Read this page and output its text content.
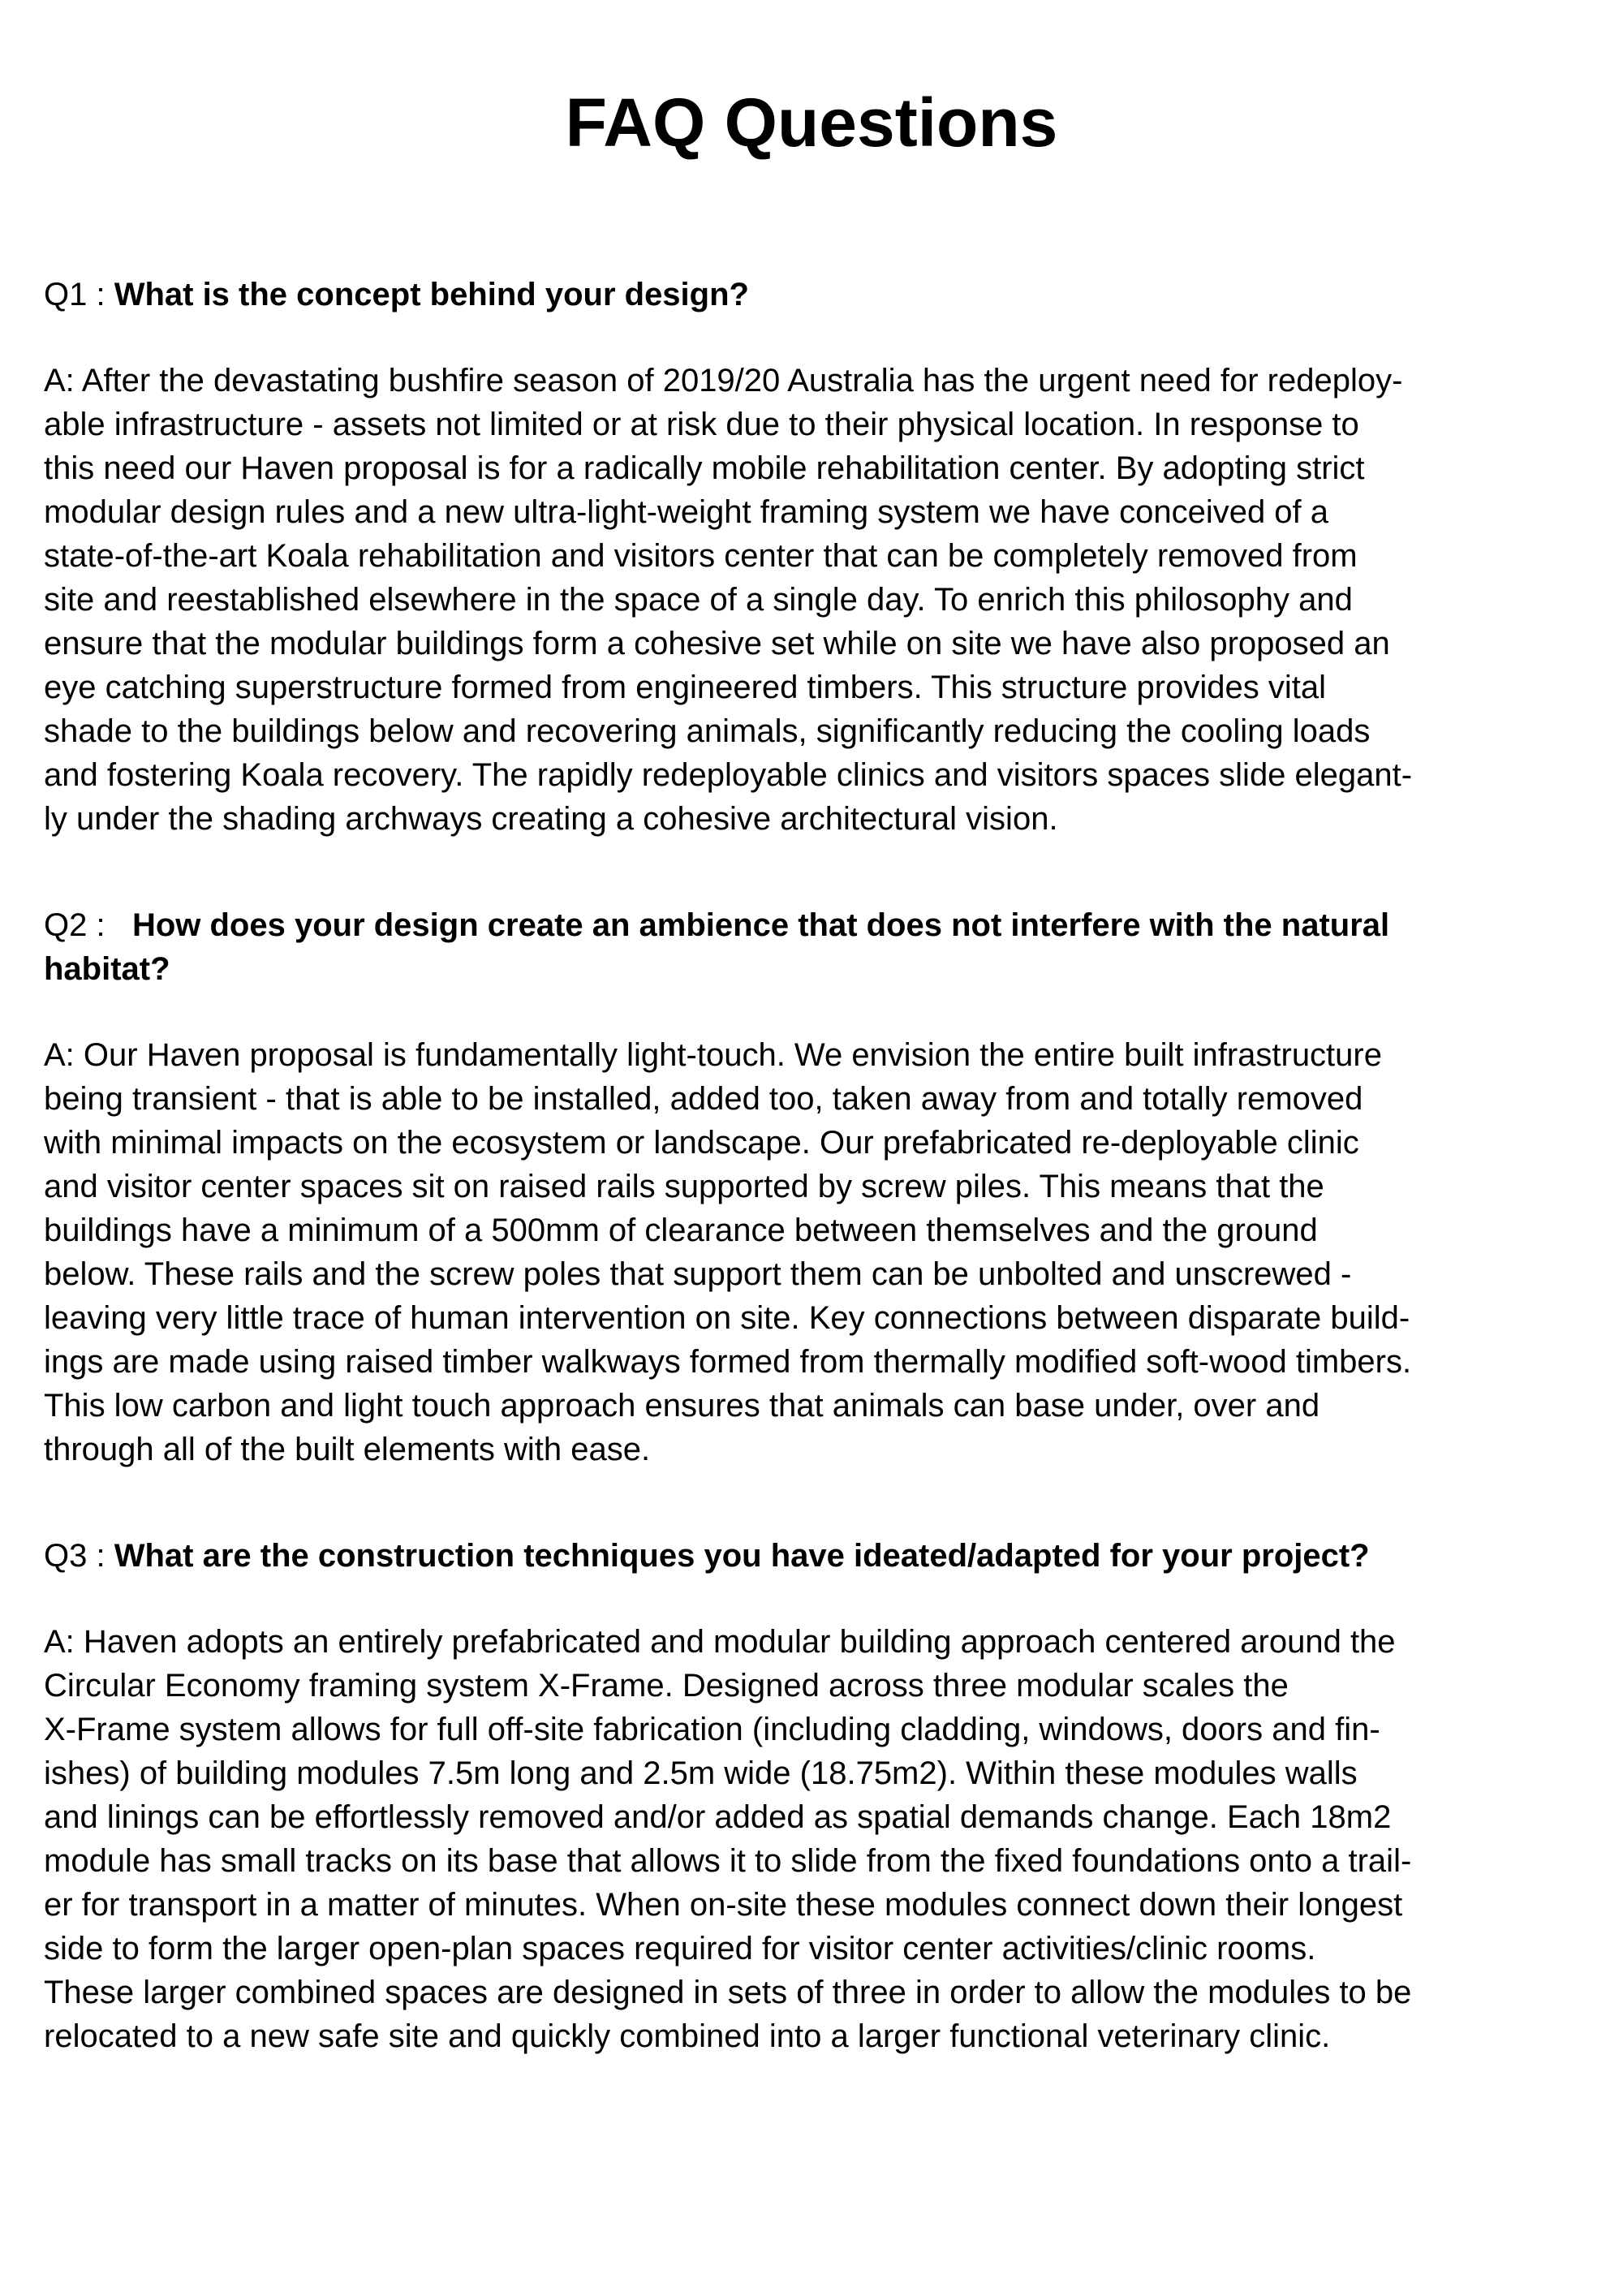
FAQ Questions

Q1 : What is the concept behind your design?

A: After the devastating bushfire season of 2019/20 Australia has the urgent need for redeploy-
able infrastructure - assets not limited or at risk due to their physical location. In response to
this need our Haven proposal is for a radically mobile rehabilitation center. By adopting strict
modular design rules and a new ultra-light-weight framing system we have conceived of a
state-of-the-art Koala rehabilitation and visitors center that can be completely removed from
site and reestablished elsewhere in the space of a single day. To enrich this philosophy and
ensure that the modular buildings form a cohesive set while on site we have also proposed an
eye catching superstructure formed from engineered timbers. This structure provides vital
shade to the buildings below and recovering animals, significantly reducing the cooling loads
and fostering Koala recovery. The rapidly redeployable clinics and visitors spaces slide elegant-
ly under the shading archways creating a cohesive architectural vision.

Q2 :   How does your design create an ambience that does not interfere with the natural
habitat?

A: Our Haven proposal is fundamentally light-touch. We envision the entire built infrastructure
being transient - that is able to be installed, added too, taken away from and totally removed
with minimal impacts on the ecosystem or landscape. Our prefabricated re-deployable clinic
and visitor center spaces sit on raised rails supported by screw piles. This means that the
buildings have a minimum of a 500mm of clearance between themselves and the ground
below. These rails and the screw poles that support them can be unbolted and unscrewed -
leaving very little trace of human intervention on site. Key connections between disparate build-
ings are made using raised timber walkways formed from thermally modified soft-wood timbers.
This low carbon and light touch approach ensures that animals can base under, over and
through all of the built elements with ease.

Q3 : What are the construction techniques you have ideated/adapted for your project?

A: Haven adopts an entirely prefabricated and modular building approach centered around the
Circular Economy framing system X-Frame. Designed across three modular scales the
X-Frame system allows for full off-site fabrication (including cladding, windows, doors and fin-
ishes) of building modules 7.5m long and 2.5m wide (18.75m2). Within these modules walls
and linings can be effortlessly removed and/or added as spatial demands change. Each 18m2
module has small tracks on its base that allows it to slide from the fixed foundations onto a trail-
er for transport in a matter of minutes. When on-site these modules connect down their longest
side to form the larger open-plan spaces required for visitor center activities/clinic rooms.
These larger combined spaces are designed in sets of three in order to allow the modules to be
relocated to a new safe site and quickly combined into a larger functional veterinary clinic.
